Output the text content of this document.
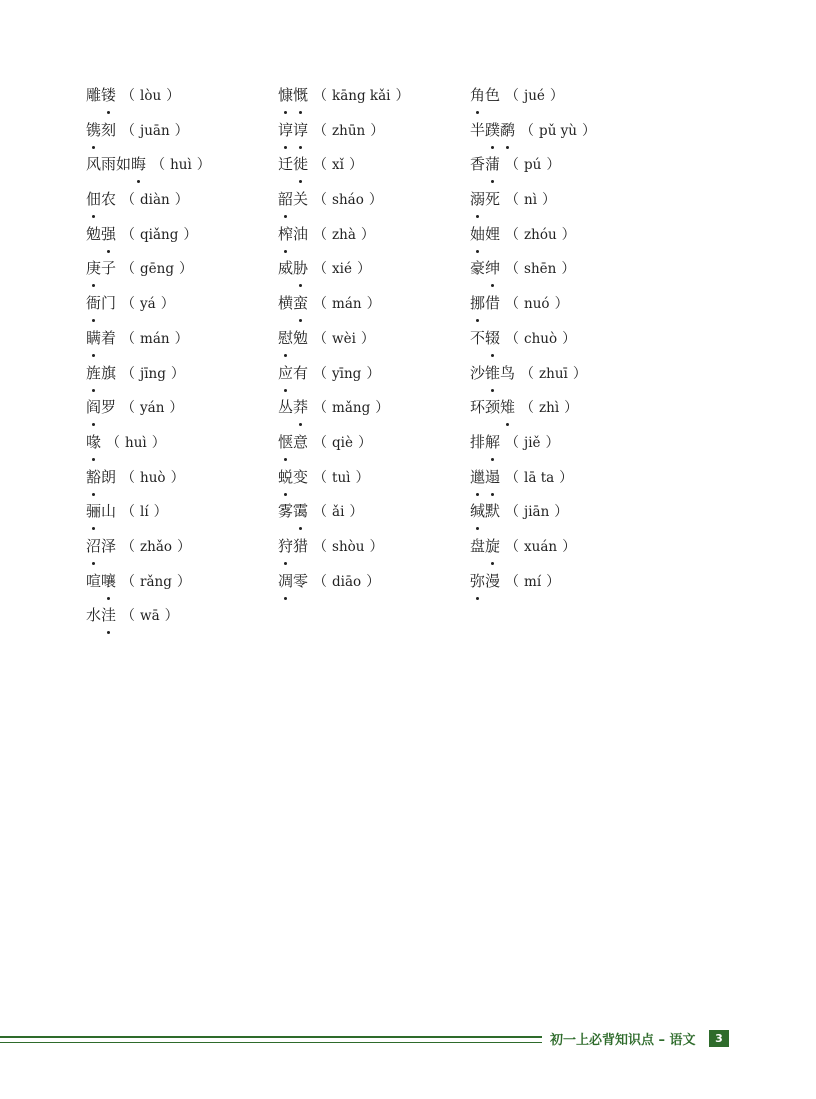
雕镂 （ lòu ）
镌刻 （ juān ）
风雨如晦 （ huì ）
佃农 （ diàn ）
勉强 （ qiǎng ）
庚子 （ gēng ）
衙门 （ yá ）
瞒着 （ mán ）
旌旗 （ jīng ）
阎罗 （ yán ）
喙 （ huì ）
豁朗 （ huò ）
骊山 （ lí ）
沼泽 （ zhǎo ）
喧嚷 （ rǎng ）
水洼 （ wā ）
慷慨 （ kāng kǎi ）
谆谆 （ zhūn ）
迁徙 （ xǐ ）
韶关 （ sháo ）
榨油 （ zhà ）
威胁 （ xié ）
横蛮 （ mán ）
慰勉 （ wèi ）
应有 （ yīng ）
丛莽 （ mǎng ）
惬意 （ qiè ）
蜕变 （ tuì ）
雾霭 （ ǎi ）
狩猎 （ shòu ）
凋零 （ diāo ）
角色 （ jué ）
半蹼鹬 （ pǔ yù ）
香蒲 （ pú ）
溺死 （ nì ）
妯娌 （ zhóu ）
豪绅 （ shēn ）
挪借 （ nuó ）
不辍 （ chuò ）
沙锥鸟 （ zhuī ）
环颈雉 （ zhì ）
排解 （ jiě ）
邋遢 （ lā ta ）
缄默 （ jiān ）
盘旋 （ xuán ）
弥漫 （ mí ）
初一上必背知识点 – 语文	3
